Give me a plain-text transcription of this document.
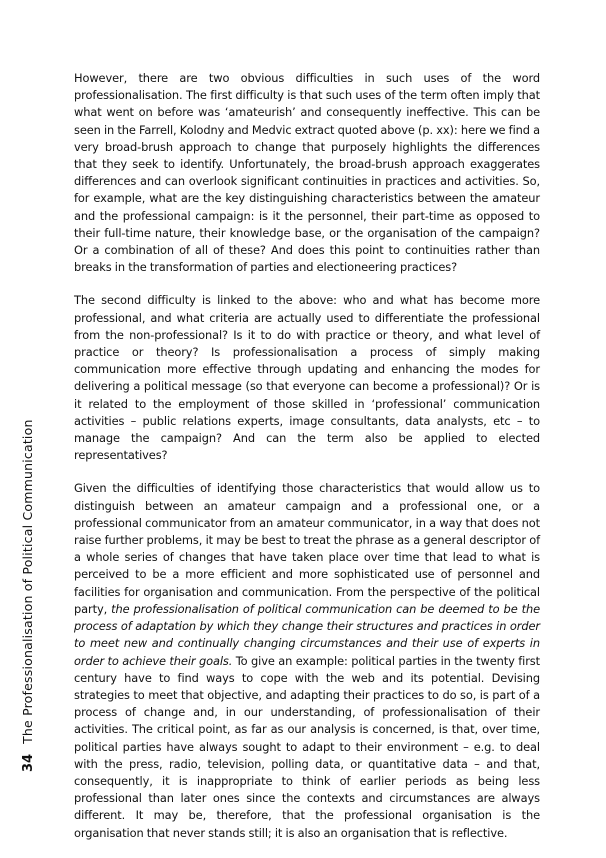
However, there are two obvious difficulties in such uses of the word professionalisation. The first difficulty is that such uses of the term often imply that what went on before was ‘amateurish’ and consequently ineffective. This can be seen in the Farrell, Kolodny and Medvic extract quoted above (p. xx): here we find a very broad-brush approach to change that purposely highlights the differences that they seek to identify. Unfortunately, the broad-brush approach exaggerates differences and can overlook significant continuities in practices and activities. So, for example, what are the key distinguishing characteristics between the amateur and the professional campaign: is it the personnel, their part-time as opposed to their full-time nature, their knowledge base, or the organisation of the campaign? Or a combination of all of these? And does this point to continuities rather than breaks in the transformation of parties and electioneering practices?

The second difficulty is linked to the above: who and what has become more professional, and what criteria are actually used to differentiate the professional from the non-professional? Is it to do with practice or theory, and what level of practice or theory? Is professionalisation a process of simply making communication more effective through updating and enhancing the modes for delivering a political message (so that everyone can become a professional)? Or is it related to the employment of those skilled in ‘professional’ communication activities – public relations experts, image consultants, data analysts, etc – to manage the campaign? And can the term also be applied to elected representatives?

Given the difficulties of identifying those characteristics that would allow us to distinguish between an amateur campaign and a professional one, or a professional communicator from an amateur communicator, in a way that does not raise further problems, it may be best to treat the phrase as a general descriptor of a whole series of changes that have taken place over time that lead to what is perceived to be a more efficient and more sophisticated use of personnel and facilities for organisation and communication. From the perspective of the political party, the professionalisation of political communication can be deemed to be the process of adaptation by which they change their structures and practices in order to meet new and continually changing circumstances and their use of experts in order to achieve their goals. To give an example: political parties in the twenty first century have to find ways to cope with the web and its potential. Devising strategies to meet that objective, and adapting their practices to do so, is part of a process of change and, in our understanding, of professionalisation of their activities. The critical point, as far as our analysis is concerned, is that, over time, political parties have always sought to adapt to their environment – e.g. to deal with the press, radio, television, polling data, or quantitative data – and that, consequently, it is inappropriate to think of earlier periods as being less professional than later ones since the contexts and circumstances are always different. It may be, therefore, that the professional organisation is the organisation that never stands still; it is also an organisation that is reflective.

34 The Professionalisation of Political Communication
